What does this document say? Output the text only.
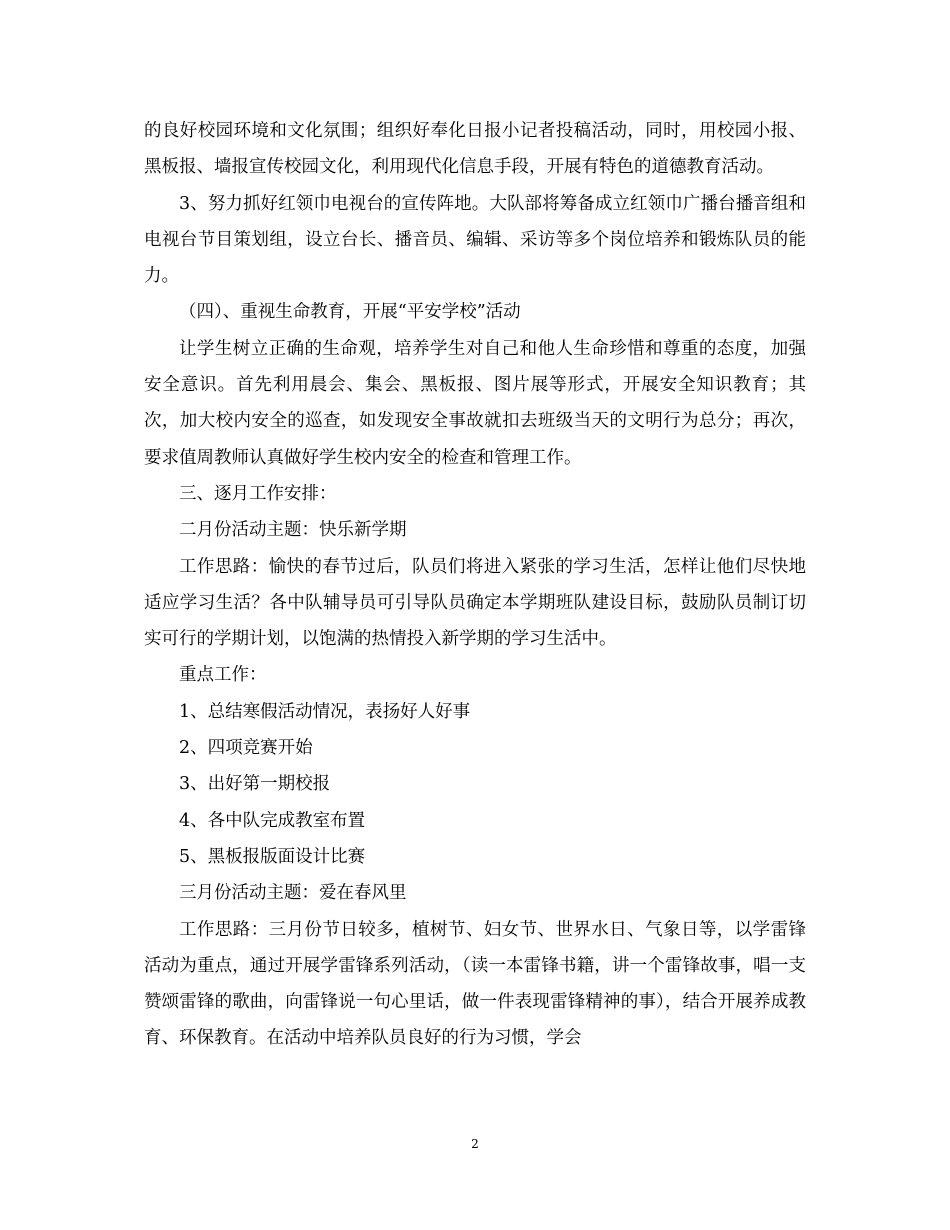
的良好校园环境和文化氛围；组织好奉化日报小记者投稿活动，同时，用校园小报、黑板报、墙报宣传校园文化，利用现代化信息手段，开展有特色的道德教育活动。

3、努力抓好红领巾电视台的宣传阵地。大队部将筹备成立红领巾广播台播音组和电视台节目策划组，设立台长、播音员、编辑、采访等多个岗位培养和锻炼队员的能力。

（四）、重视生命教育，开展“平安学校”活动

让学生树立正确的生命观，培养学生对自己和他人生命珍惜和尊重的态度，加强安全意识。首先利用晨会、集会、黑板报、图片展等形式，开展安全知识教育；其次，加大校内安全的巡查，如发现安全事故就扣去班级当天的文明行为总分；再次，要求值周教师认真做好学生校内安全的检查和管理工作。

三、逐月工作安排：

二月份活动主题：快乐新学期

工作思路：愉快的春节过后，队员们将进入紧张的学习生活，怎样让他们尽快地适应学习生活？各中队辅导员可引导队员确定本学期班队建设目标，鼓励队员制订切实可行的学期计划，以饱满的热情投入新学期的学习生活中。

重点工作：

1、总结寒假活动情况，表扬好人好事

2、四项竞赛开始

3、出好第一期校报

4、各中队完成教室布置

5、黑板报版面设计比赛

三月份活动主题：爱在春风里

工作思路：三月份节日较多，植树节、妇女节、世界水日、气象日等，以学雷锋活动为重点，通过开展学雷锋系列活动，（读一本雷锋书籍，讲一个雷锋故事，唱一支赞颂雷锋的歌曲，向雷锋说一句心里话，做一件表现雷锋精神的事），结合开展养成教育、环保教育。在活动中培养队员良好的行为习惯，学会

2
